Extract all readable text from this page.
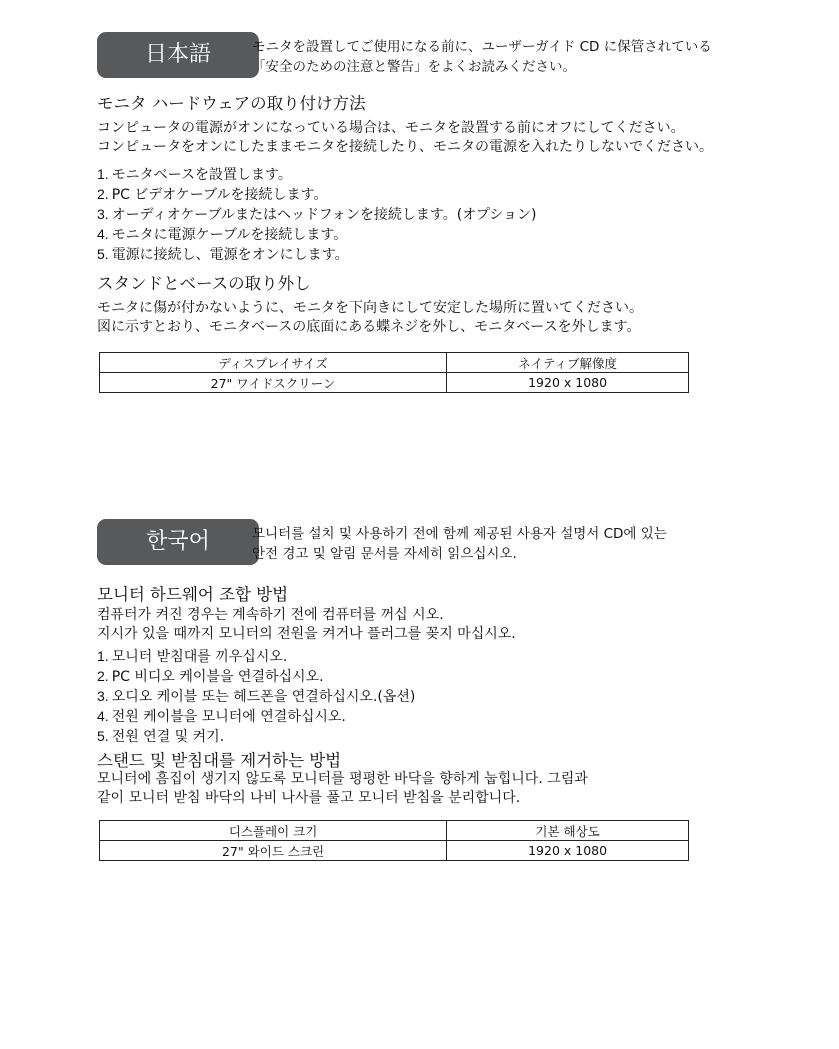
日本語	モニタを設置してご使用になる前に、ユーザーガイド CD に保管されている
「安全のための注意と警告」をよくお読みください。
モニタ ハードウェアの取り付け方法
コンピュータの電源がオンになっている場合は、モニタを設置する前にオフにしてください。
コンピュータをオンにしたままモニタを接続したり、モニタの電源を入れたりしないでください。
1. モニタベースを設置します。
2. PC ビデオケーブルを接続します。
3. オーディオケーブルまたはヘッドフォンを接続します。(オプション)
4. モニタに電源ケーブルを接続します。
5. 電源に接続し、電源をオンにします。
スタンドとベースの取り外し
モニタに傷が付かないように、モニタを下向きにして安定した場所に置いてください。
図に示すとおり、モニタベースの底面にある蝶ネジを外し、モニタベースを外します。
ディスプレイサイズ	ネイティブ解像度
27" ワイドスクリーン	1920 x 1080
한국어	모니터를 설치 및 사용하기 전에 함께 제공된 사용자 설명서 CD에 있는
안전 경고 및 알림 문서를 자세히 읽으십시오.
모니터 하드웨어 조합 방법
컴퓨터가 켜진 경우는 계속하기 전에 컴퓨터를 꺼십 시오.
지시가 있을 때까지 모니터의 전원을 켜거나 플러그를 꽂지 마십시오.
1. 모니터 받침대를 끼우십시오.
2. PC 비디오 케이블을 연결하십시오.
3. 오디오 케이블 또는 헤드폰을 연결하십시오.(옵션)
4. 전원 케이블을 모니터에 연결하십시오.
5. 전원 연결 및 켜기.
스탠드 및 받침대를 제거하는 방법
모니터에 흠집이 생기지 않도록 모니터를 평평한 바닥을 향하게 눕힙니다. 그림과
같이 모니터 받침 바닥의 나비 나사를 풀고 모니터 받침을 분리합니다.
디스플레이 크기	기본 해상도
27" 와이드 스크린	1920 x 1080
